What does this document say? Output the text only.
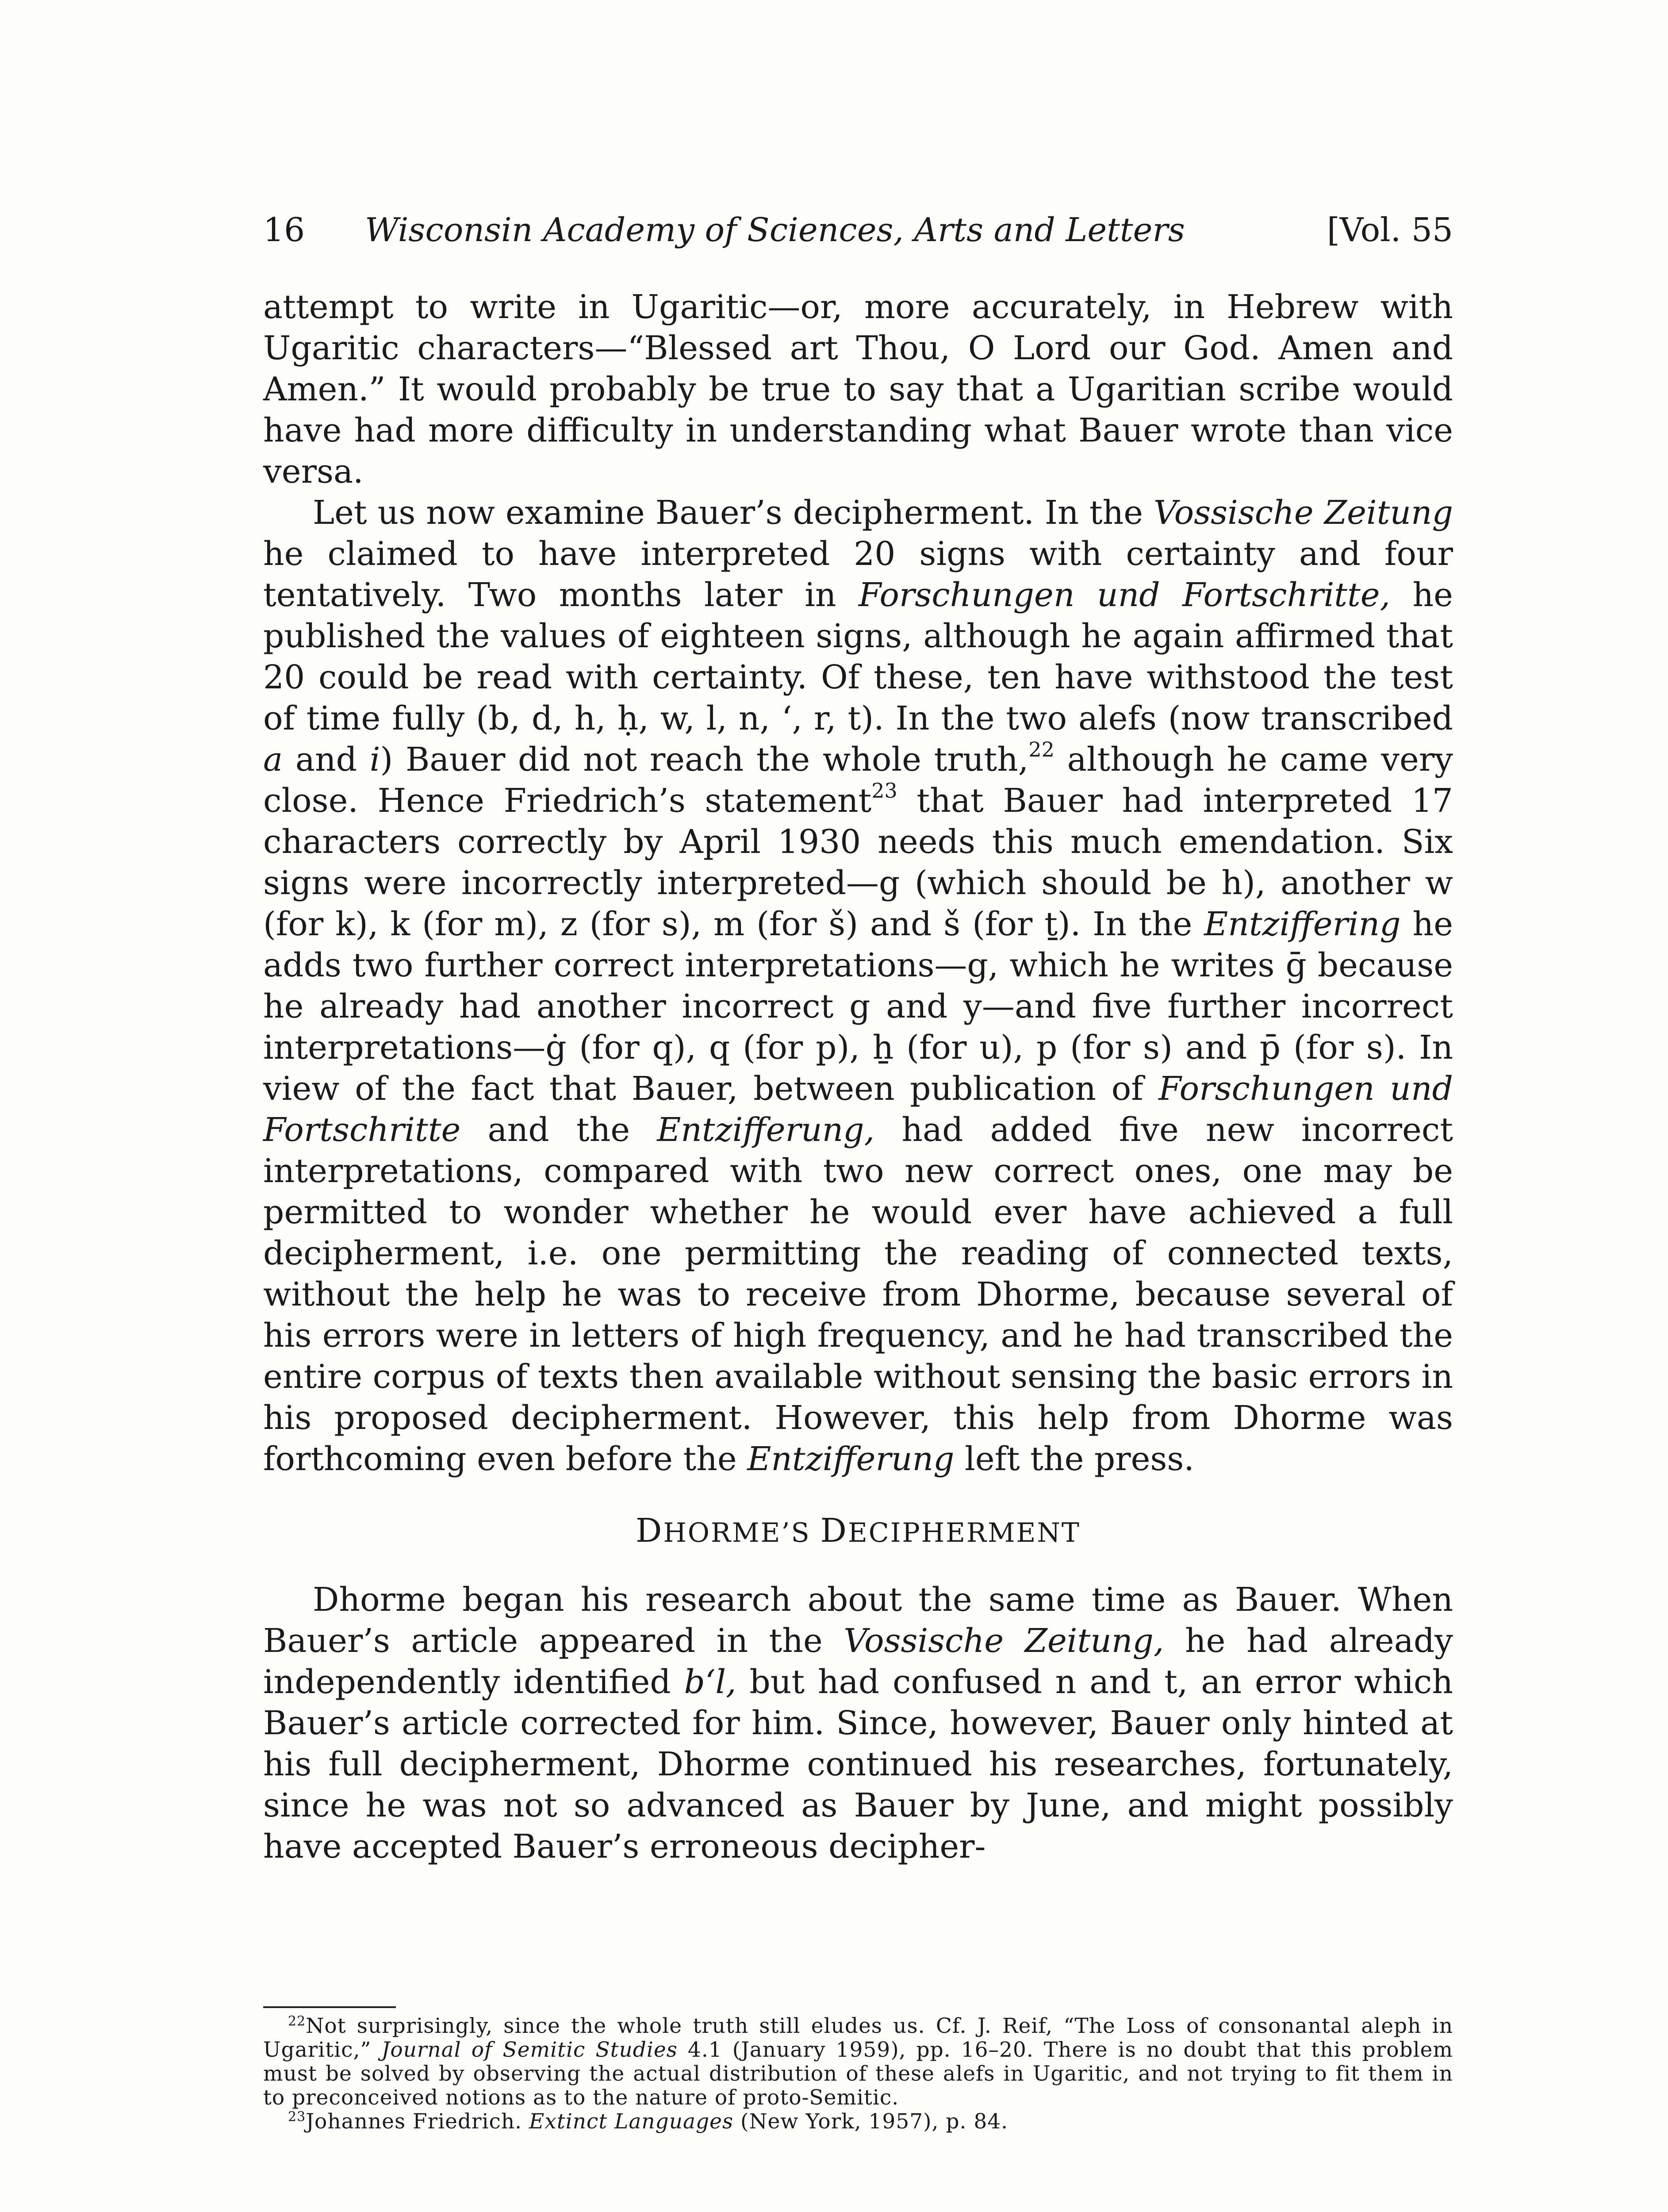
16 Wisconsin Academy of Sciences, Arts and Letters	[Vol. 55

attempt to write in Ugaritic—or, more accurately, in Hebrew with Ugaritic characters—“Blessed art Thou, O Lord our God. Amen and Amen.” It would probably be true to say that a Ugaritian scribe would have had more difficulty in understanding what Bauer wrote than vice versa.

Let us now examine Bauer’s decipherment. In the Vossische Zeitung he claimed to have interpreted 20 signs with certainty and four tentatively. Two months later in Forschungen und Fortschritte, he published the values of eighteen signs, although he again affirmed that 20 could be read with certainty. Of these, ten have withstood the test of time fully (b, d, h, ḥ, w, l, n, ‘, r, t). In the two alefs (now transcribed a and i) Bauer did not reach the whole truth,$^{22}$ although he came very close. Hence Friedrich’s statement$^{23}$ that Bauer had interpreted 17 characters correctly by April 1930 needs this much emendation. Six signs were incorrectly interpreted—g (which should be h), another w (for k), k (for m), z (for s), m (for š) and š (for ṯ). In the Entziffering he adds two further correct interpretations—g, which he writes ḡ because he already had another incorrect g and y—and five further incorrect interpretations—ġ (for q), q (for p), ẖ (for u), p (for s) and p̄ (for s). In view of the fact that Bauer, between publication of Forschungen und Fortschritte and the Entzifferung, had added five new incorrect interpretations, compared with two new correct ones, one may be permitted to wonder whether he would ever have achieved a full decipherment, i.e. one permitting the reading of connected texts, without the help he was to receive from Dhorme, because several of his errors were in letters of high frequency, and he had transcribed the entire corpus of texts then available without sensing the basic errors in his proposed decipherment. However, this help from Dhorme was forthcoming even before the Entzifferung left the press.

DHORME’S DECIPHERMENT

Dhorme began his research about the same time as Bauer. When Bauer’s article appeared in the Vossische Zeitung, he had already independently identified b‘l, but had confused n and t, an error which Bauer’s article corrected for him. Since, however, Bauer only hinted at his full decipherment, Dhorme continued his researches, fortunately, since he was not so advanced as Bauer by June, and might possibly have accepted Bauer’s erroneous decipher-

$^{22}$Not surprisingly, since the whole truth still eludes us. Cf. J. Reif, “The Loss of consonantal aleph in Ugaritic,” Journal of Semitic Studies 4.1 (January 1959), pp. 16–20. There is no doubt that this problem must be solved by observing the actual distribution of these alefs in Ugaritic, and not trying to fit them in to preconceived notions as to the nature of proto-Semitic.

$^{23}$Johannes Friedrich. Extinct Languages (New York, 1957), p. 84.
